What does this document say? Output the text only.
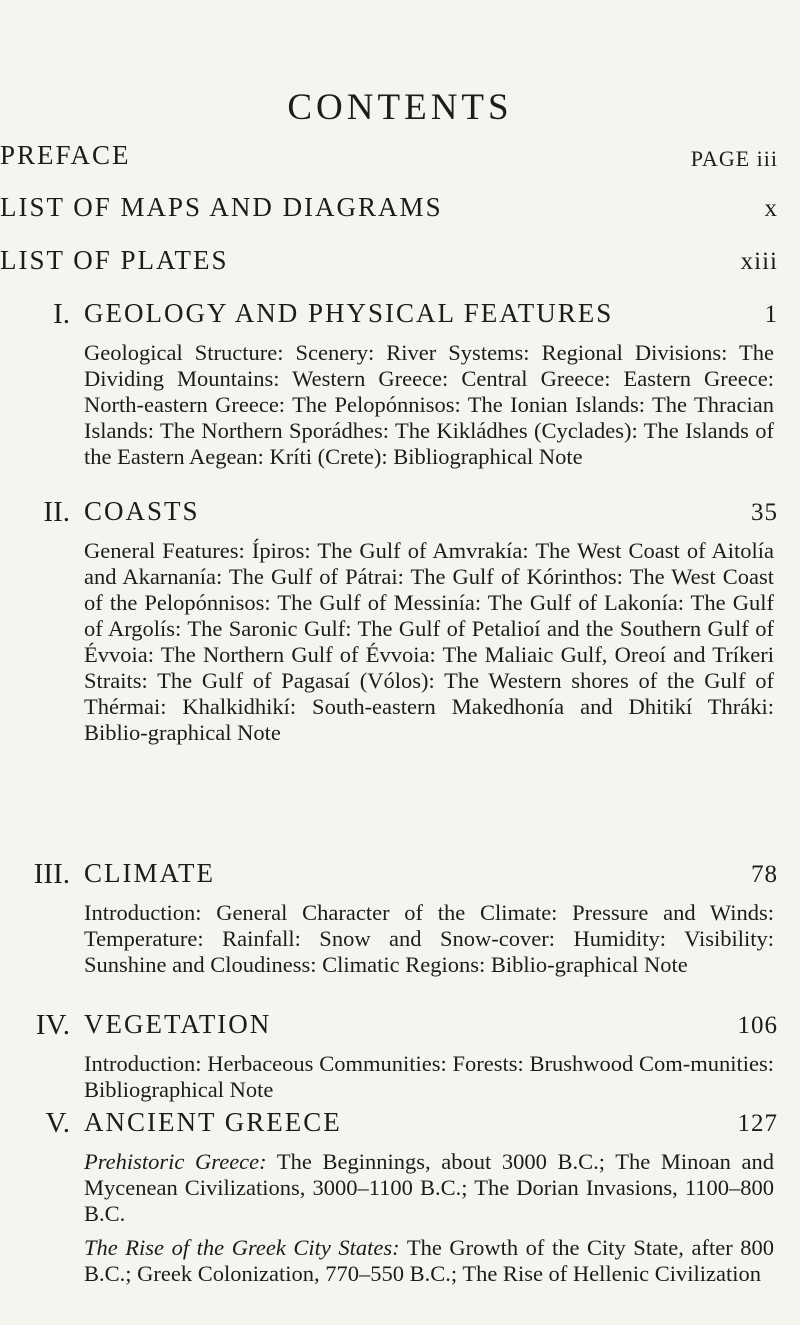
CONTENTS
PREFACE	PAGE iii
LIST OF MAPS AND DIAGRAMS	x
LIST OF PLATES	xiii
I. GEOLOGY AND PHYSICAL FEATURES	1
Geological Structure: Scenery: River Systems: Regional Divisions: The Dividing Mountains: Western Greece: Central Greece: Eastern Greece: North-eastern Greece: The Pelopónnisos: The Ionian Islands: The Thracian Islands: The Northern Sporádhes: The Kikládhes (Cyclades): The Islands of the Eastern Aegean: Kríti (Crete): Bibliographical Note
II. COASTS	35
General Features: Ípiros: The Gulf of Amvrakía: The West Coast of Aitolía and Akarnanía: The Gulf of Pátrai: The Gulf of Kórinthos: The West Coast of the Pelopónnisos: The Gulf of Messinía: The Gulf of Lakonía: The Gulf of Argolís: The Saronic Gulf: The Gulf of Petalioí and the Southern Gulf of Évvoia: The Northern Gulf of Évvoia: The Maliaic Gulf, Oreoí and Tríkeri Straits: The Gulf of Pagasaí (Vólos): The Western shores of the Gulf of Thérmai: Khalkidhikí: South-eastern Makedhonía and Dhitikí Thráki: Biblio-graphical Note
III. CLIMATE	78
Introduction: General Character of the Climate: Pressure and Winds: Temperature: Rainfall: Snow and Snow-cover: Humidity: Visibility: Sunshine and Cloudiness: Climatic Regions: Biblio-graphical Note
IV. VEGETATION	106
Introduction: Herbaceous Communities: Forests: Brushwood Com-munities: Bibliographical Note
V. ANCIENT GREECE	127

Prehistoric Greece: The Beginnings, about 3000 B.C.; The Minoan and Mycenean Civilizations, 3000–1100 B.C.; The Dorian Invasions, 1100–800 B.C.

The Rise of the Greek City States: The Growth of the City State, after 800 B.C.; Greek Colonization, 770–550 B.C.; The Rise of Hellenic Civilization
